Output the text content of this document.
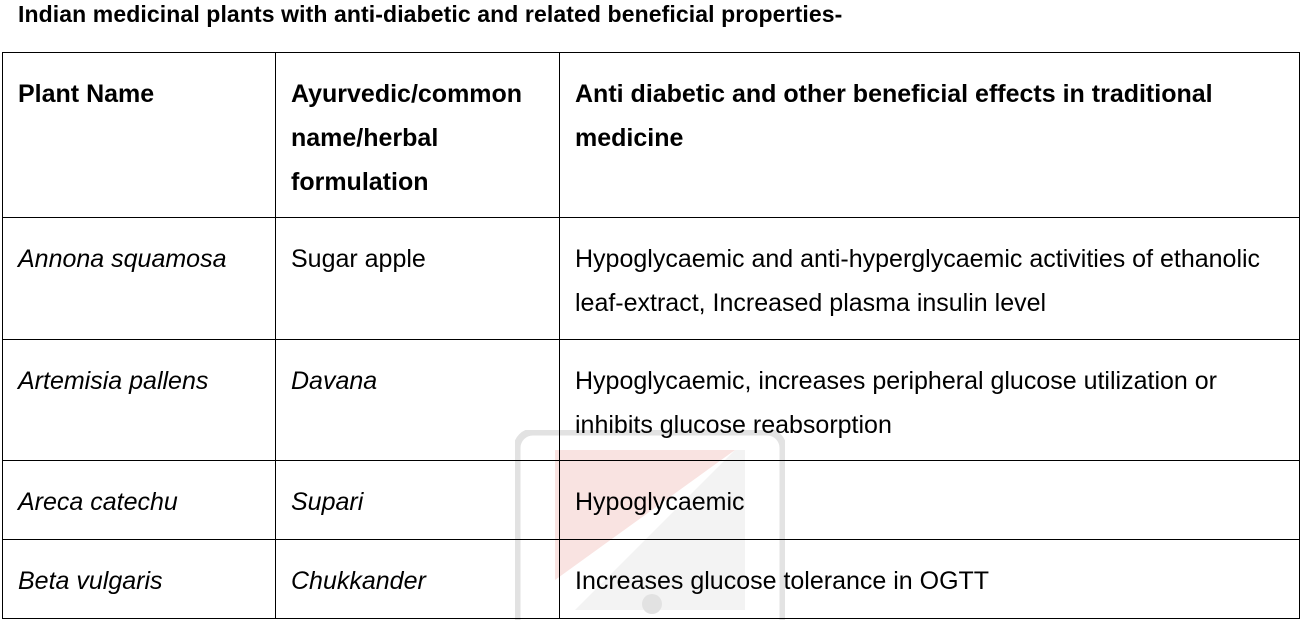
Indian medicinal plants with anti-diabetic and related beneficial properties-
Plant Name	Ayurvedic/common name/herbal formulation	Anti diabetic and other beneficial effects in traditional medicine
Annona squamosa	Sugar apple	Hypoglycaemic and anti-hyperglycaemic activities of ethanolic leaf-extract, Increased plasma insulin level
Artemisia pallens	Davana	Hypoglycaemic, increases peripheral glucose utilization or inhibits glucose reabsorption
Areca catechu	Supari	Hypoglycaemic
Beta vulgaris	Chukkander	Increases glucose tolerance in OGTT
